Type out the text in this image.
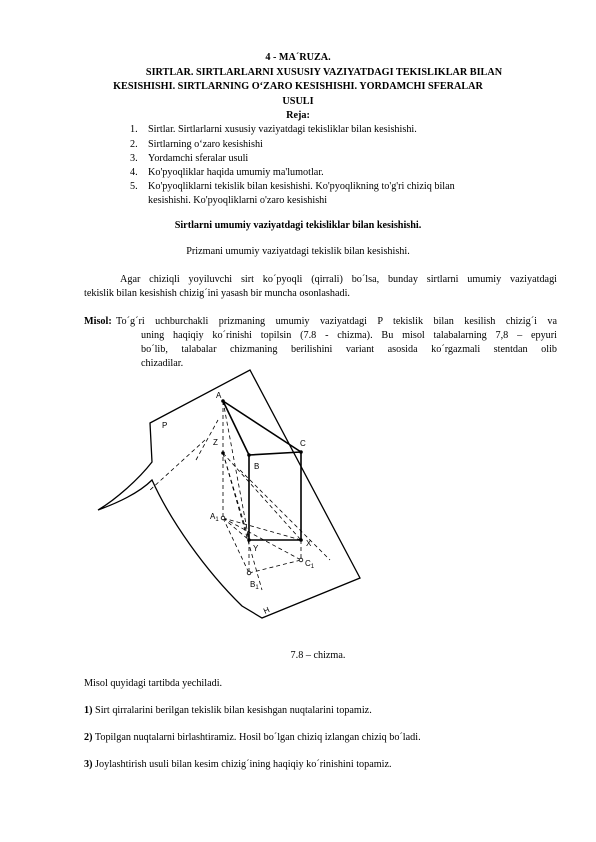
4 - MA´RUZA.
SIRTLAR. SIRTLARLARNI XUSUSIY VAZIYATDAGI TEKISLIKLAR BILAN
KESISHISHI. SIRTLARNING O‘ZARO KESISHISHI. YORDAMCHI SFERALAR
USULI
Reja:
1. Sirtlar. Sirtlarlarni xususiy vaziyatdagi tekisliklar bilan kesishishi.
2. Sirtlarning o‘zaro kesishishi
3. Yordamchi sferalar usuli
4. Ko'pyoqliklar haqida umumiy ma'lumotlar.
5. Ko'pyoqliklarni tekislik bilan kesishishi. Ko'pyoqlikning to'g'ri chiziq bilan
kesishishi. Ko'pyoqliklarni o'zaro kesishishi
Sirtlarni umumiy vaziyatdagi tekisliklar bilan kesishishi.
Prizmani umumiy vaziyatdagi tekislik bilan kesishishi.
Agar chiziqli yoyiluvchi sirt ko´pyoqli (qirrali) bo´lsa, bunday sirtlarni umumiy vaziyatdagi
tekislik bilan kesishish chizig´ini yasash bir muncha osonlashadi.
Misol: To´g´ri uchburchakli prizmaning umumiy vaziyatdagi P tekislik bilan kesilish chizig´i va
uning haqiqiy ko´rinishi topilsin (7.8 - chizma). Bu misol talabalarning 7,8 – epyuri
bo´lib, talabalar chizmaning berilishini variant asosida ko´rgazmali stentdan olib
chizadilar.
A
C
Z
B
P
$A_1$
Y
X
$B_1$
$C_1$
H
7.8 – chizma.
Misol quyidagi tartibda yechiladi.
1) Sirt qirralarini berilgan tekislik bilan kesishgan nuqtalarini topamiz.
2) Topilgan nuqtalarni birlashtiramiz. Hosil bo´lgan chiziq izlangan chiziq bo´ladi.
3) Joylashtirish usuli bilan kesim chizig´ining haqiqiy ko´rinishini topamiz.
